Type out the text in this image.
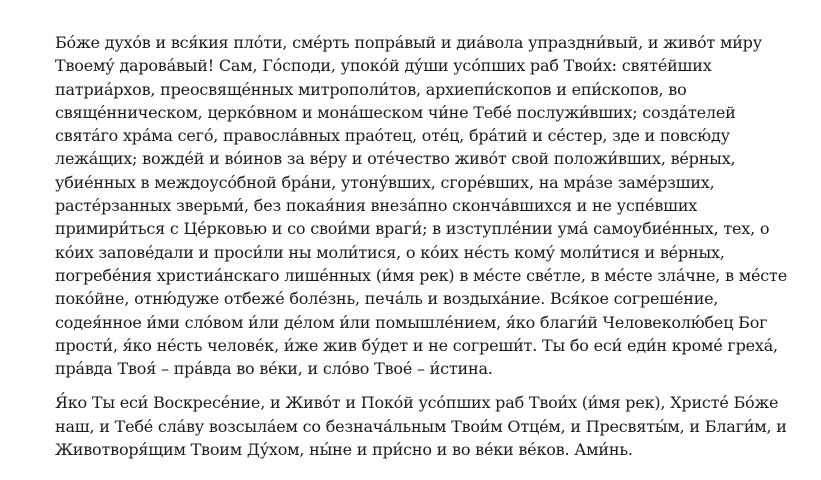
Бо́же духо́в и вся́кия пло́ти, сме́рть попра́вый и диа́вола упраздни́вый, и живо́т ми́ру
Твоему́ дарова́вый! Сам, Го́споди, упоко́й ду́ши усо́пших раб Твои́х: святе́йших
патриа́рхов, преосвяще́нных митрополи́тов, архиепи́скопов и епи́скопов, во
свяще́нническом, церко́вном и мона́шеском чи́не Тебе́ послужи́вших; созда́телей
свята́го хра́ма сего́, правосла́вных прао́тец, оте́ц, бра́тий и се́стер, зде и повсю́ду
лежа́щих; вожде́й и во́инов за ве́ру и оте́чество живо́т свой положи́вших, ве́рных,
убие́нных в междоусо́бной бра́ни, утону́вших, сгоре́вших, на мра́зе заме́рзших,
расте́рзанных зверьми́, без покая́ния внеза́пно сконча́вшихся и не успе́вших
примири́ться с Це́рковью и со свои́ми враги́; в изступле́нии ума́ самоубие́нных, тех, о
ко́их запове́дали и проси́ли ны моли́тися, о ко́их не́сть кому́ моли́тися и ве́рных,
погребе́ния христиа́нскаго лише́нных (и́мя рек) в ме́сте све́тле, в ме́сте зла́чне, в ме́сте
поко́йне, отню́дуже отбеже́ боле́знь, печа́ль и воздыха́ние. Вся́кое согреше́ние,
содея́нное и́ми сло́вом и́ли де́лом и́ли помышле́нием, я́ко благи́й Человеколю́бец Бог
прости́, я́ко не́сть челове́к, и́же жив бу́дет и не согреши́т. Ты бо еси́ еди́н кроме́ греха́,
пра́вда Твоя́ – пра́вда во ве́ки, и сло́во Твое́ – и́стина.
Я́ко Ты еси́ Воскресе́ние, и Живо́т и Поко́й усо́пших раб Твои́х (и́мя рек), Христе́ Бо́же
наш, и Тебе́ сла́ву возсыла́ем со безнача́льным Твои́м Отце́м, и Пресвяты́м, и Благи́м, и
Животворя́щим Твоим Ду́хом, ны́не и при́сно и во ве́ки ве́ков. Ами́нь.
